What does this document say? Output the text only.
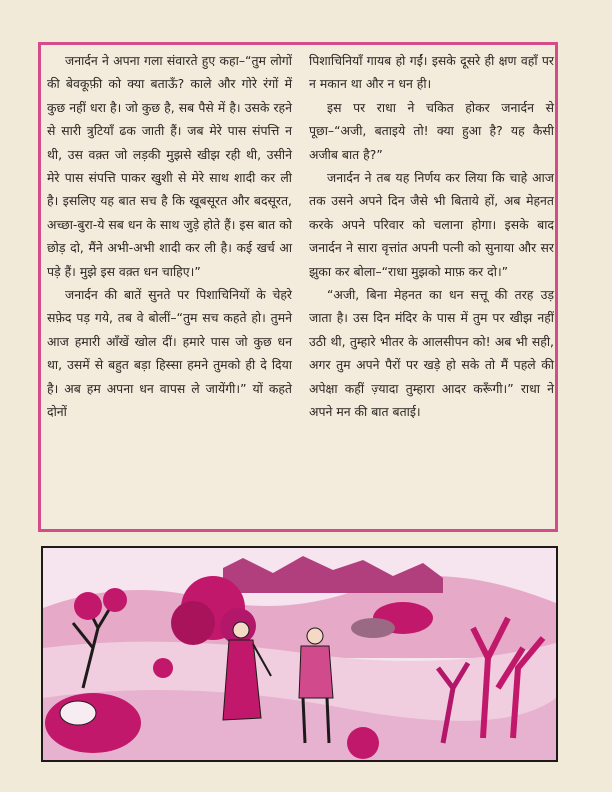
जनार्दन ने अपना गला संवारते हुए कहा–“तुम लोगों की बेवकूफ़ी को क्या बताऊँ? काले और गोरे रंगों में कुछ नहीं धरा है। जो कुछ है, सब पैसे में है। उसके रहने से सारी त्रुटियाँ ढक जाती हैं। जब मेरे पास संपत्ति न थी, उस वक़्त जो लड़की मुझसे खीझ रही थी, उसीने मेरे पास संपत्ति पाकर खुशी से मेरे साथ शादी कर ली है। इसलिए यह बात सच है कि खूबसूरत और बदसूरत, अच्छा-बुरा-ये सब धन के साथ जुड़े होते हैं। इस बात को छोड़ दो, मैंने अभी-अभी शादी कर ली है। कई खर्च आ पड़े हैं। मुझे इस वक़्त धन चाहिए।”

जनार्दन की बातें सुनते पर पिशाचिनियों के चेहरे सफ़ेद पड़ गये, तब वे बोलीं–“तुम सच कहते हो। तुमने आज हमारी आँखें खोल दीं। हमारे पास जो कुछ धन था, उसमें से बहुत बड़ा हिस्सा हमने तुमको ही दे दिया है। अब हम अपना धन वापस ले जायेंगी।” यों कहते दोनों

पिशाचिनियाँ गायब हो गईं। इसके दूसरे ही क्षण वहाँ पर न मकान था और न धन ही।

इस पर राधा ने चकित होकर जनार्दन से पूछा–“अजी, बताइये तो! क्या हुआ है? यह कैसी अजीब बात है?”

जनार्दन ने तब यह निर्णय कर लिया कि चाहे आज तक उसने अपने दिन जैसे भी बिताये हों, अब मेहनत करके अपने परिवार को चलाना होगा। इसके बाद जनार्दन ने सारा वृत्तांत अपनी पत्नी को सुनाया और सर झुका कर बोला–“राधा मुझको माफ़ कर दो।”

“अजी, बिना मेहनत का धन सत्तू की तरह उड़ जाता है। उस दिन मंदिर के पास में तुम पर खीझ नहीं उठी थी, तुम्हारे भीतर के आलसीपन को! अब भी सही, अगर तुम अपने पैरों पर खड़े हो सके तो मैं पहले की अपेक्षा कहीं ज़्यादा तुम्हारा आदर करूँगी।” राधा ने अपने मन की बात बताई।
